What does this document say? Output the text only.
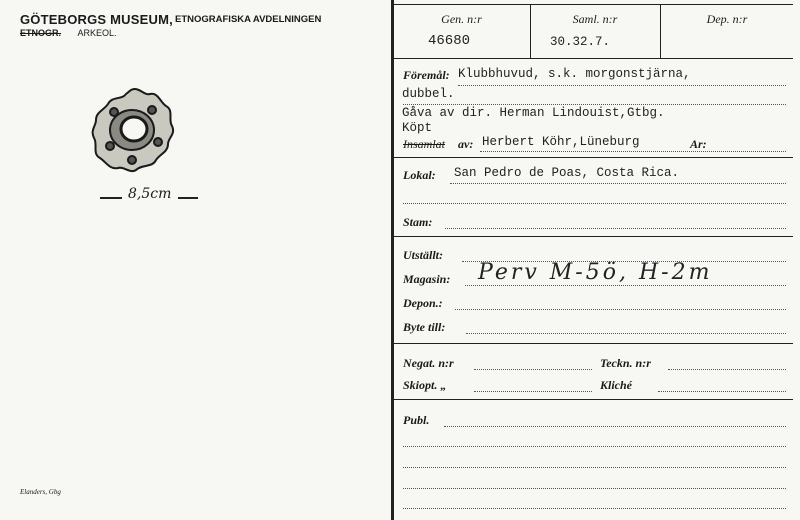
GÖTEBORGS MUSEUM, ETNOGRAFISKA AVDELNINGEN
ETNOGR. ARKEOL.
8,5cm
Elanders, Gbg
Gen. n:r
46680
Saml. n:r
30.32.7.
Dep. n:r
Föremål: Klubbhuvud, s.k. morgonstjärna,
dubbel.
Gåva av dir. Herman Lindouist,Gtbg.
Köpt
Insamlat av: Herbert Köhr,Lüneburg	Ar:
Lokal: San Pedro de Poas, Costa Rica.
Stam:
Utställt:
Magasin: Perv M-5ö, H-2m
Depon.:
Byte till:
Negat. n:r	Teckn. n:r
Skiopt. „	Kliché
Publ.
